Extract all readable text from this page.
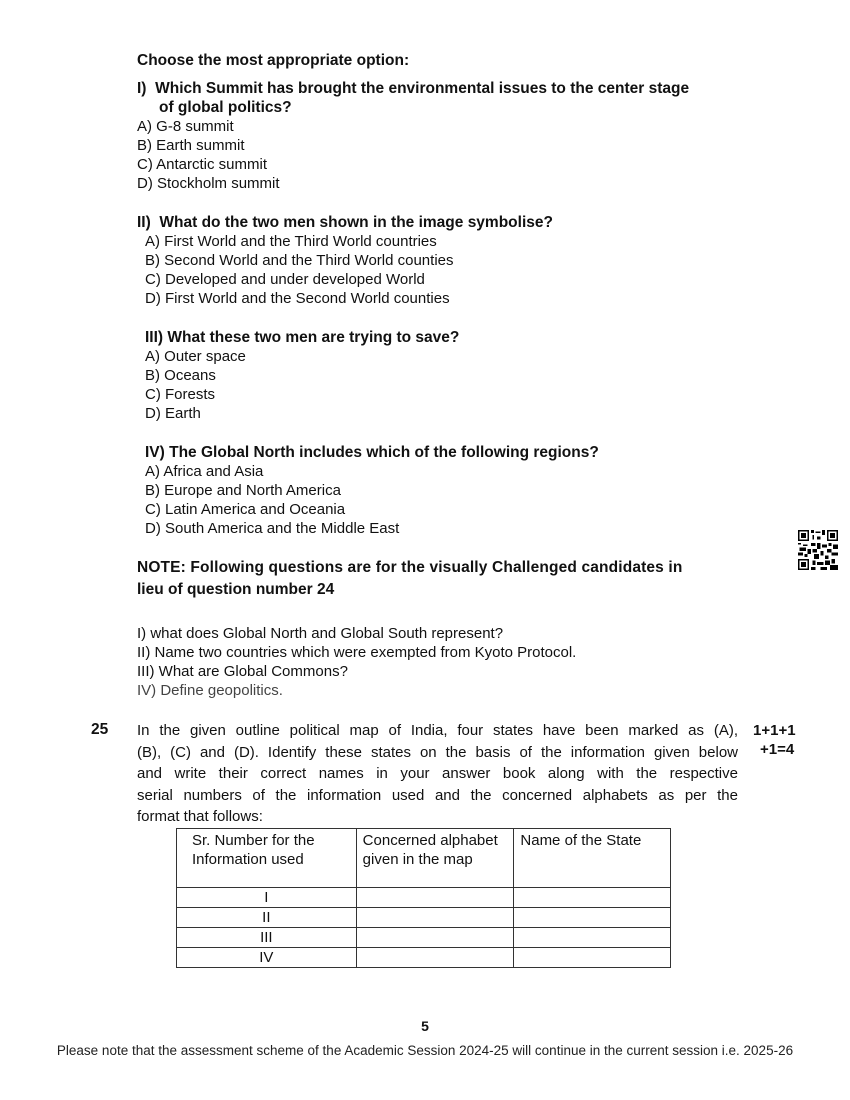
Choose the most appropriate option:
I) Which Summit has brought the environmental issues to the center stage
of global politics?
A) G-8 summit
B) Earth summit
C) Antarctic summit
D) Stockholm summit
II) What do the two men shown in the image symbolise?
A) First World and the Third World countries
B) Second World and the Third World counties
C) Developed and under developed World
D) First World and the Second World counties
III) What these two men are trying to save?
A) Outer space
B) Oceans
C) Forests
D) Earth
IV) The Global North includes which of the following regions?
A) Africa and Asia
B) Europe and North America
C) Latin America and Oceania
D) South America and the Middle East
NOTE: Following questions are for the visually Challenged candidates in
lieu of question number 24
I) what does Global North and Global South represent?
II) Name two countries which were exempted from Kyoto Protocol.
III) What are Global Commons?
IV) Define geopolitics.
25 In the given outline political map of India, four states have been marked as (A),
(B), (C) and (D). Identify these states on the basis of the information given below
and write their correct names in your answer book along with the respective
serial numbers of the information used and the concerned alphabets as per the
format that follows:
1+1+1
+1=4
Sr. Number for the Information used	Concerned alphabet given in the map	Name of the State
I		
II		
III		
IV		
5
Please note that the assessment scheme of the Academic Session 2024-25 will continue in the current session i.e. 2025-26
